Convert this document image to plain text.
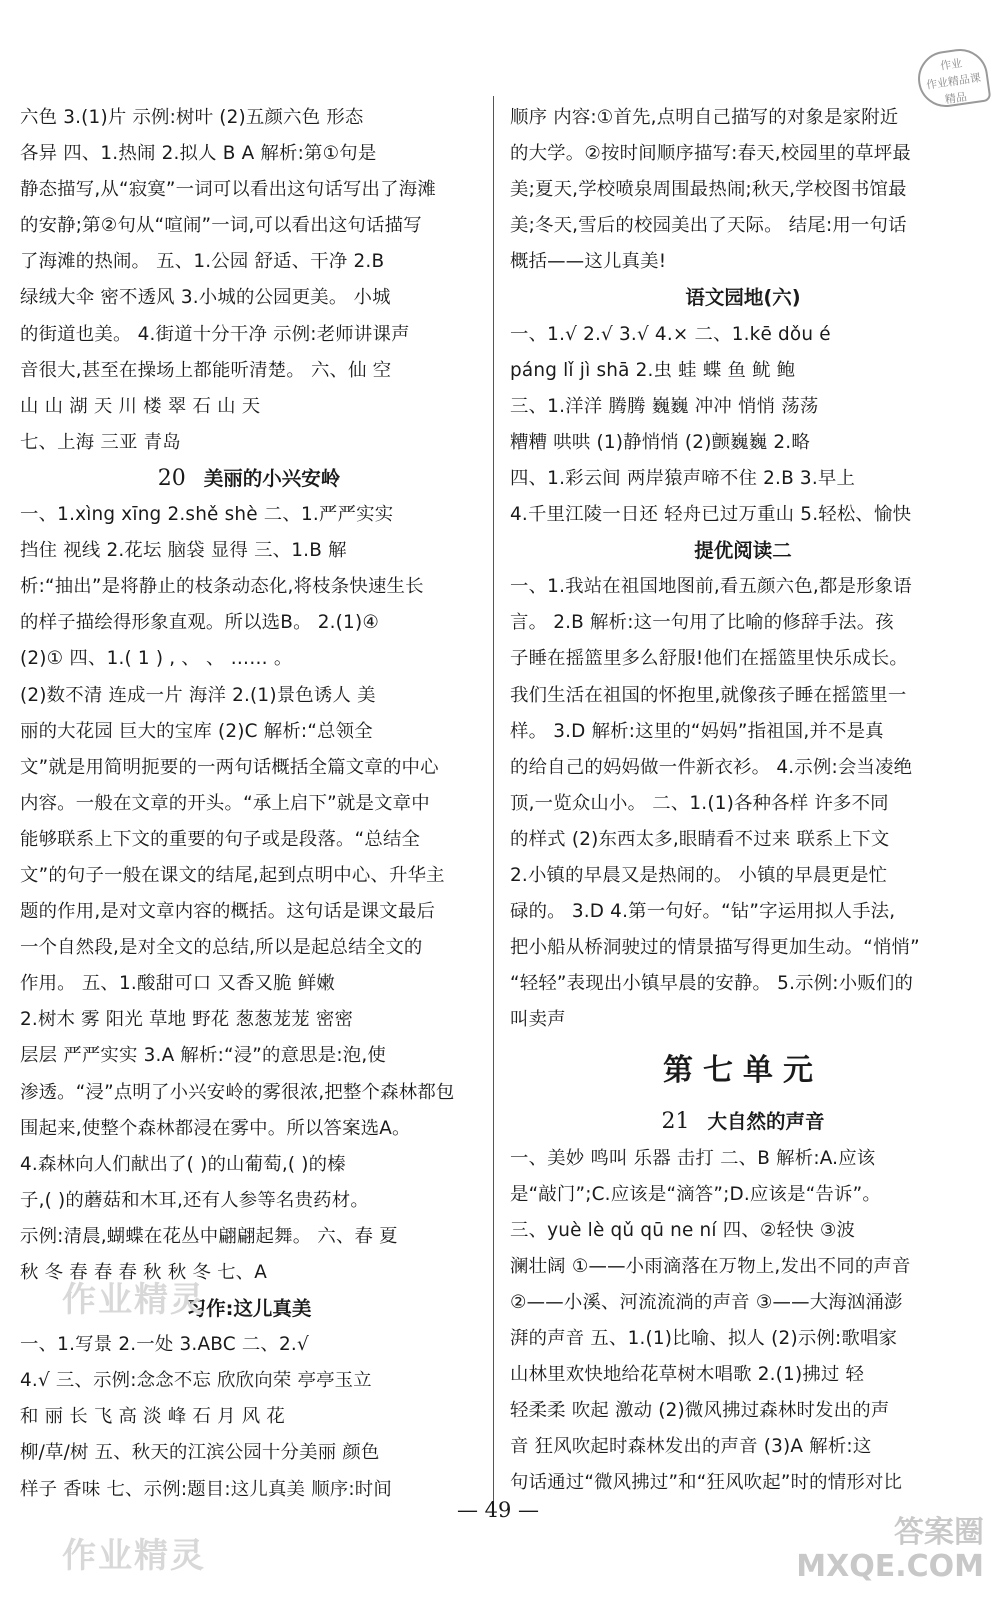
作业
作业精品课
精品
六色 3.(1)片 示例:树叶 (2)五颜六色 形态
各异 四、1.热闹 2.拟人 B A 解析:第①句是
静态描写,从“寂寞”一词可以看出这句话写出了海滩
的安静;第②句从“喧闹”一词,可以看出这句话描写
了海滩的热闹。 五、1.公园 舒适、干净 2.B
绿绒大伞 密不透风 3.小城的公园更美。 小城
的街道也美。 4.街道十分干净 示例:老师讲课声
音很大,甚至在操场上都能听清楚。 六、仙 空
山 山 湖 天 川 楼 翠 石 山 天
七、上海 三亚 青岛
20 美丽的小兴安岭
一、1.xìng xīng 2.shě shè 二、1.严严实实
挡住 视线 2.花坛 脑袋 显得 三、1.B 解
析:“抽出”是将静止的枝条动态化,将枝条快速生长
的样子描绘得形象直观。所以选B。 2.(1)④
(2)① 四、1.( 1 ) , 、 、 …… 。
(2)数不清 连成一片 海洋 2.(1)景色诱人 美
丽的大花园 巨大的宝库 (2)C 解析:“总领全
文”就是用简明扼要的一两句话概括全篇文章的中心
内容。一般在文章的开头。“承上启下”就是文章中
能够联系上下文的重要的句子或是段落。“总结全
文”的句子一般在课文的结尾,起到点明中心、升华主
题的作用,是对文章内容的概括。这句话是课文最后
一个自然段,是对全文的总结,所以是起总结全文的
作用。 五、1.酸甜可口 又香又脆 鲜嫩
2.树木 雾 阳光 草地 野花 葱葱茏茏 密密
层层 严严实实 3.A 解析:“浸”的意思是:泡,使
渗透。“浸”点明了小兴安岭的雾很浓,把整个森林都包
围起来,使整个森林都浸在雾中。所以答案选A。
4.森林向人们献出了( )的山葡萄,( )的榛
子,( )的蘑菇和木耳,还有人参等名贵药材。
示例:清晨,蝴蝶在花丛中翩翩起舞。 六、春 夏
秋 冬 春 春 春 秋 秋 冬 七、A
习作:这儿真美
一、1.写景 2.一处 3.ABC 二、2.√
4.√ 三、示例:念念不忘 欣欣向荣 亭亭玉立
和 丽 长 飞 高 淡 峰 石 月 风 花
柳/草/树 五、秋天的江滨公园十分美丽 颜色
样子 香味 七、示例:题目:这儿真美 顺序:时间
顺序 内容:①首先,点明自己描写的对象是家附近
的大学。②按时间顺序描写:春天,校园里的草坪最
美;夏天,学校喷泉周围最热闹;秋天,学校图书馆最
美;冬天,雪后的校园美出了天际。 结尾:用一句话
概括——这儿真美!
语文园地(六)
一、1.√ 2.√ 3.√ 4.× 二、1.kē dǒu é
páng lǐ jì shā 2.虫 蛙 蝶 鱼 鱿 鲍
三、1.洋洋 腾腾 巍巍 冲冲 悄悄 荡荡
糟糟 哄哄 (1)静悄悄 (2)颤巍巍 2.略
四、1.彩云间 两岸猿声啼不住 2.B 3.早上
4.千里江陵一日还 轻舟已过万重山 5.轻松、愉快
提优阅读二
一、1.我站在祖国地图前,看五颜六色,都是形象语
言。 2.B 解析:这一句用了比喻的修辞手法。孩
子睡在摇篮里多么舒服!他们在摇篮里快乐成长。
我们生活在祖国的怀抱里,就像孩子睡在摇篮里一
样。 3.D 解析:这里的“妈妈”指祖国,并不是真
的给自己的妈妈做一件新衣衫。 4.示例:会当凌绝
顶,一览众山小。 二、1.(1)各种各样 许多不同
的样式 (2)东西太多,眼睛看不过来 联系上下文
2.小镇的早晨又是热闹的。 小镇的早晨更是忙
碌的。 3.D 4.第一句好。“钻”字运用拟人手法,
把小船从桥洞驶过的情景描写得更加生动。“悄悄”
“轻轻”表现出小镇早晨的安静。 5.示例:小贩们的
叫卖声
第七单元
21 大自然的声音
一、美妙 鸣叫 乐器 击打 二、B 解析:A.应该
是“敲门”;C.应该是“滴答”;D.应该是“告诉”。
三、yuè lè qǔ qū ne ní 四、②轻快 ③波
澜壮阔 ①——小雨滴落在万物上,发出不同的声音
②——小溪、河流流淌的声音 ③——大海汹涌澎
湃的声音 五、1.(1)比喻、拟人 (2)示例:歌唱家
山林里欢快地给花草树木唱歌 2.(1)拂过 轻
轻柔柔 吹起 激动 (2)微风拂过森林时发出的声
音 狂风吹起时森林发出的声音 (3)A 解析:这
句话通过“微风拂过”和“狂风吹起”时的情形对比
作业精灵
作业精灵
答案圈
MXQE.COM
— 49 —
